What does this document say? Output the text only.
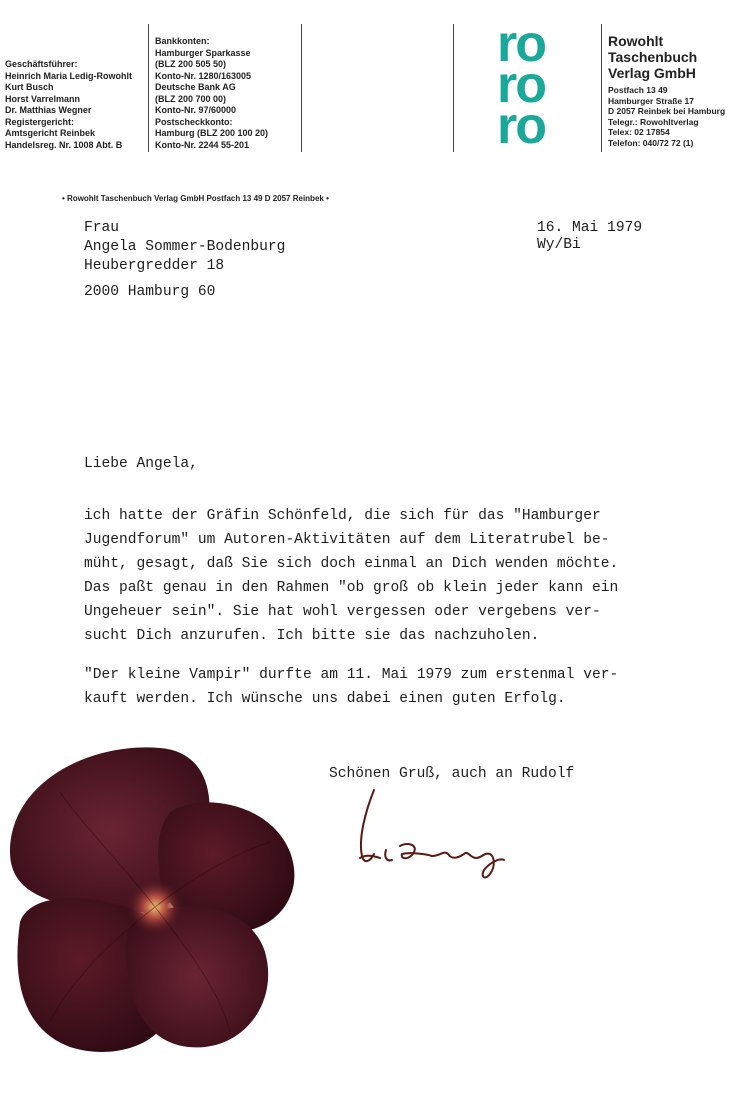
Geschäftsführer:
Heinrich Maria Ledig-Rowohlt
Kurt Busch
Horst Varrelmann
Dr. Matthias Wegner
Registergericht:
Amtsgericht Reinbek
Handelsreg. Nr. 1008 Abt. B
Bankkonten:
Hamburger Sparkasse
(BLZ 200 505 50)
Konto-Nr. 1280/163005
Deutsche Bank AG
(BLZ 200 700 00)
Konto-Nr. 97/60000
Postscheckkonto:
Hamburg (BLZ 200 100 20)
Konto-Nr. 2244 55-201
ro
ro
ro
Rowohlt
Taschenbuch
Verlag GmbH
Postfach 13 49
Hamburger Straße 17
D 2057 Reinbek bei Hamburg
Telegr.: Rowohltverlag
Telex: 02 17854
Telefon: 040/72 72 (1)
• Rowohlt Taschenbuch Verlag GmbH Postfach 13 49 D 2057 Reinbek •
Frau
Angela Sommer-Bodenburg
Heubergredder 18
2000 Hamburg 60
16. Mai 1979
Wy/Bi
Liebe Angela,
ich hatte der Gräfin Schönfeld, die sich für das "Hamburger
Jugendforum" um Autoren-Aktivitäten auf dem Literatrubel be-
müht, gesagt, daß Sie sich doch einmal an Dich wenden möchte.
Das paßt genau in den Rahmen "ob groß ob klein jeder kann ein
Ungeheuer sein". Sie hat wohl vergessen oder vergebens ver-
sucht Dich anzurufen. Ich bitte sie das nachzuholen.
"Der kleine Vampir" durfte am 11. Mai 1979 zum erstenmal ver-
kauft werden. Ich wünsche uns dabei einen guten Erfolg.
Schönen Gruß, auch an Rudolf
